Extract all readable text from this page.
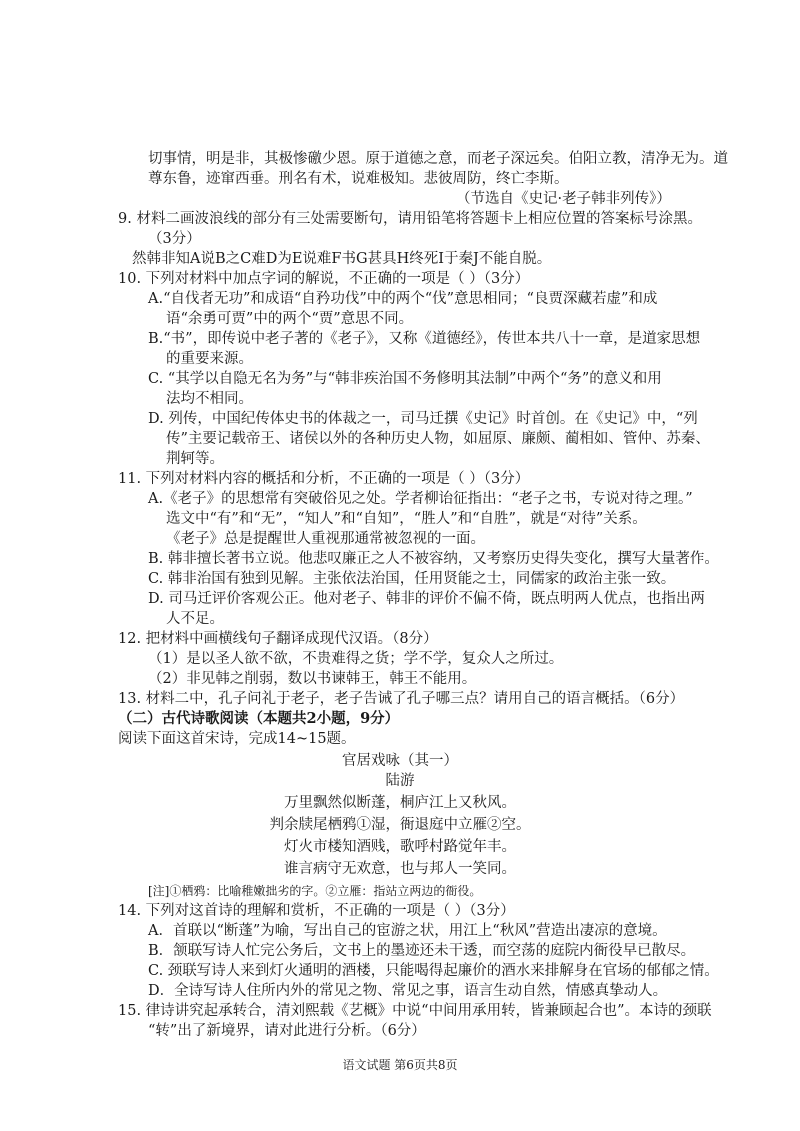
切事情，明是非，其极惨礉少恩。原于道德之意，而老子深远矣。伯阳立教，清净无为。道
尊东鲁，迹窜西垂。刑名有术，说难极知。悲彼周防，终亡李斯。
（节选自《史记·老子韩非列传》）
9. 材料二画波浪线的部分有三处需要断句，请用铅笔将答题卡上相应位置的答案标号涂黑。
（3分）
然韩非知A说B之C难D为E说难F书G甚具H终死I于秦J不能自脱。
10. 下列对材料中加点字词的解说，不正确的一项是（ ）（3分）
A.“自伐者无功”和成语“自矜功伐”中的两个“伐”意思相同；“良贾深藏若虚”和成
语“余勇可贾”中的两个“贾”意思不同。
B.“书”，即传说中老子著的《老子》，又称《道德经》，传世本共八十一章，是道家思想
的重要来源。
C. “其学以自隐无名为务”与“韩非疾治国不务修明其法制”中两个“务”的意义和用
法均不相同。
D. 列传，中国纪传体史书的体裁之一，司马迁撰《史记》时首创。在《史记》中，“列
传”主要记载帝王、诸侯以外的各种历史人物，如屈原、廉颇、蔺相如、管仲、苏秦、
荆轲等。
11. 下列对材料内容的概括和分析，不正确的一项是（ ）（3分）
A.《老子》的思想常有突破俗见之处。学者柳诒征指出：“老子之书，专说对待之理。”
选文中“有”和“无”，“知人”和“自知”，“胜人”和“自胜”，就是“对待”关系。
《老子》总是提醒世人重视那通常被忽视的一面。
B. 韩非擅长著书立说。他悲叹廉正之人不被容纳，又考察历史得失变化，撰写大量著作。
C. 韩非治国有独到见解。主张依法治国，任用贤能之士，同儒家的政治主张一致。
D. 司马迁评价客观公正。他对老子、韩非的评价不偏不倚，既点明两人优点，也指出两
人不足。
12. 把材料中画横线句子翻译成现代汉语。（8分）
（1）是以圣人欲不欲，不贵难得之货；学不学，复众人之所过。
（2）非见韩之削弱，数以书谏韩王，韩王不能用。
13. 材料二中，孔子问礼于老子，老子告诫了孔子哪三点？请用自己的语言概括。（6分）
（二）古代诗歌阅读（本题共2小题，9分）
阅读下面这首宋诗，完成14~15题。
官居戏咏（其一）
陆游
万里飘然似断蓬，桐庐江上又秋风。
判余牍尾栖鸦①湿，衙退庭中立雁②空。
灯火市楼知酒贱，歌呼村路觉年丰。
谁言病守无欢意，也与邦人一笑同。
[注]①栖鸦：比喻稚嫩拙劣的字。②立雁：指站立两边的衙役。
14. 下列对这首诗的理解和赏析，不正确的一项是（ ）（3分）
A．首联以“断蓬”为喻，写出自己的宦游之状，用江上“秋风”营造出凄凉的意境。
B．颔联写诗人忙完公务后，文书上的墨迹还未干透，而空荡的庭院内衙役早已散尽。
C. 颈联写诗人来到灯火通明的酒楼，只能喝得起廉价的酒水来排解身在官场的郁郁之情。
D．全诗写诗人住所内外的常见之物、常见之事，语言生动自然，情感真挚动人。
15. 律诗讲究起承转合，清刘熙载《艺概》中说“中间用承用转，皆兼顾起合也”。本诗的颈联
“转”出了新境界，请对此进行分析。（6分）
语文试题 第6页共8页
